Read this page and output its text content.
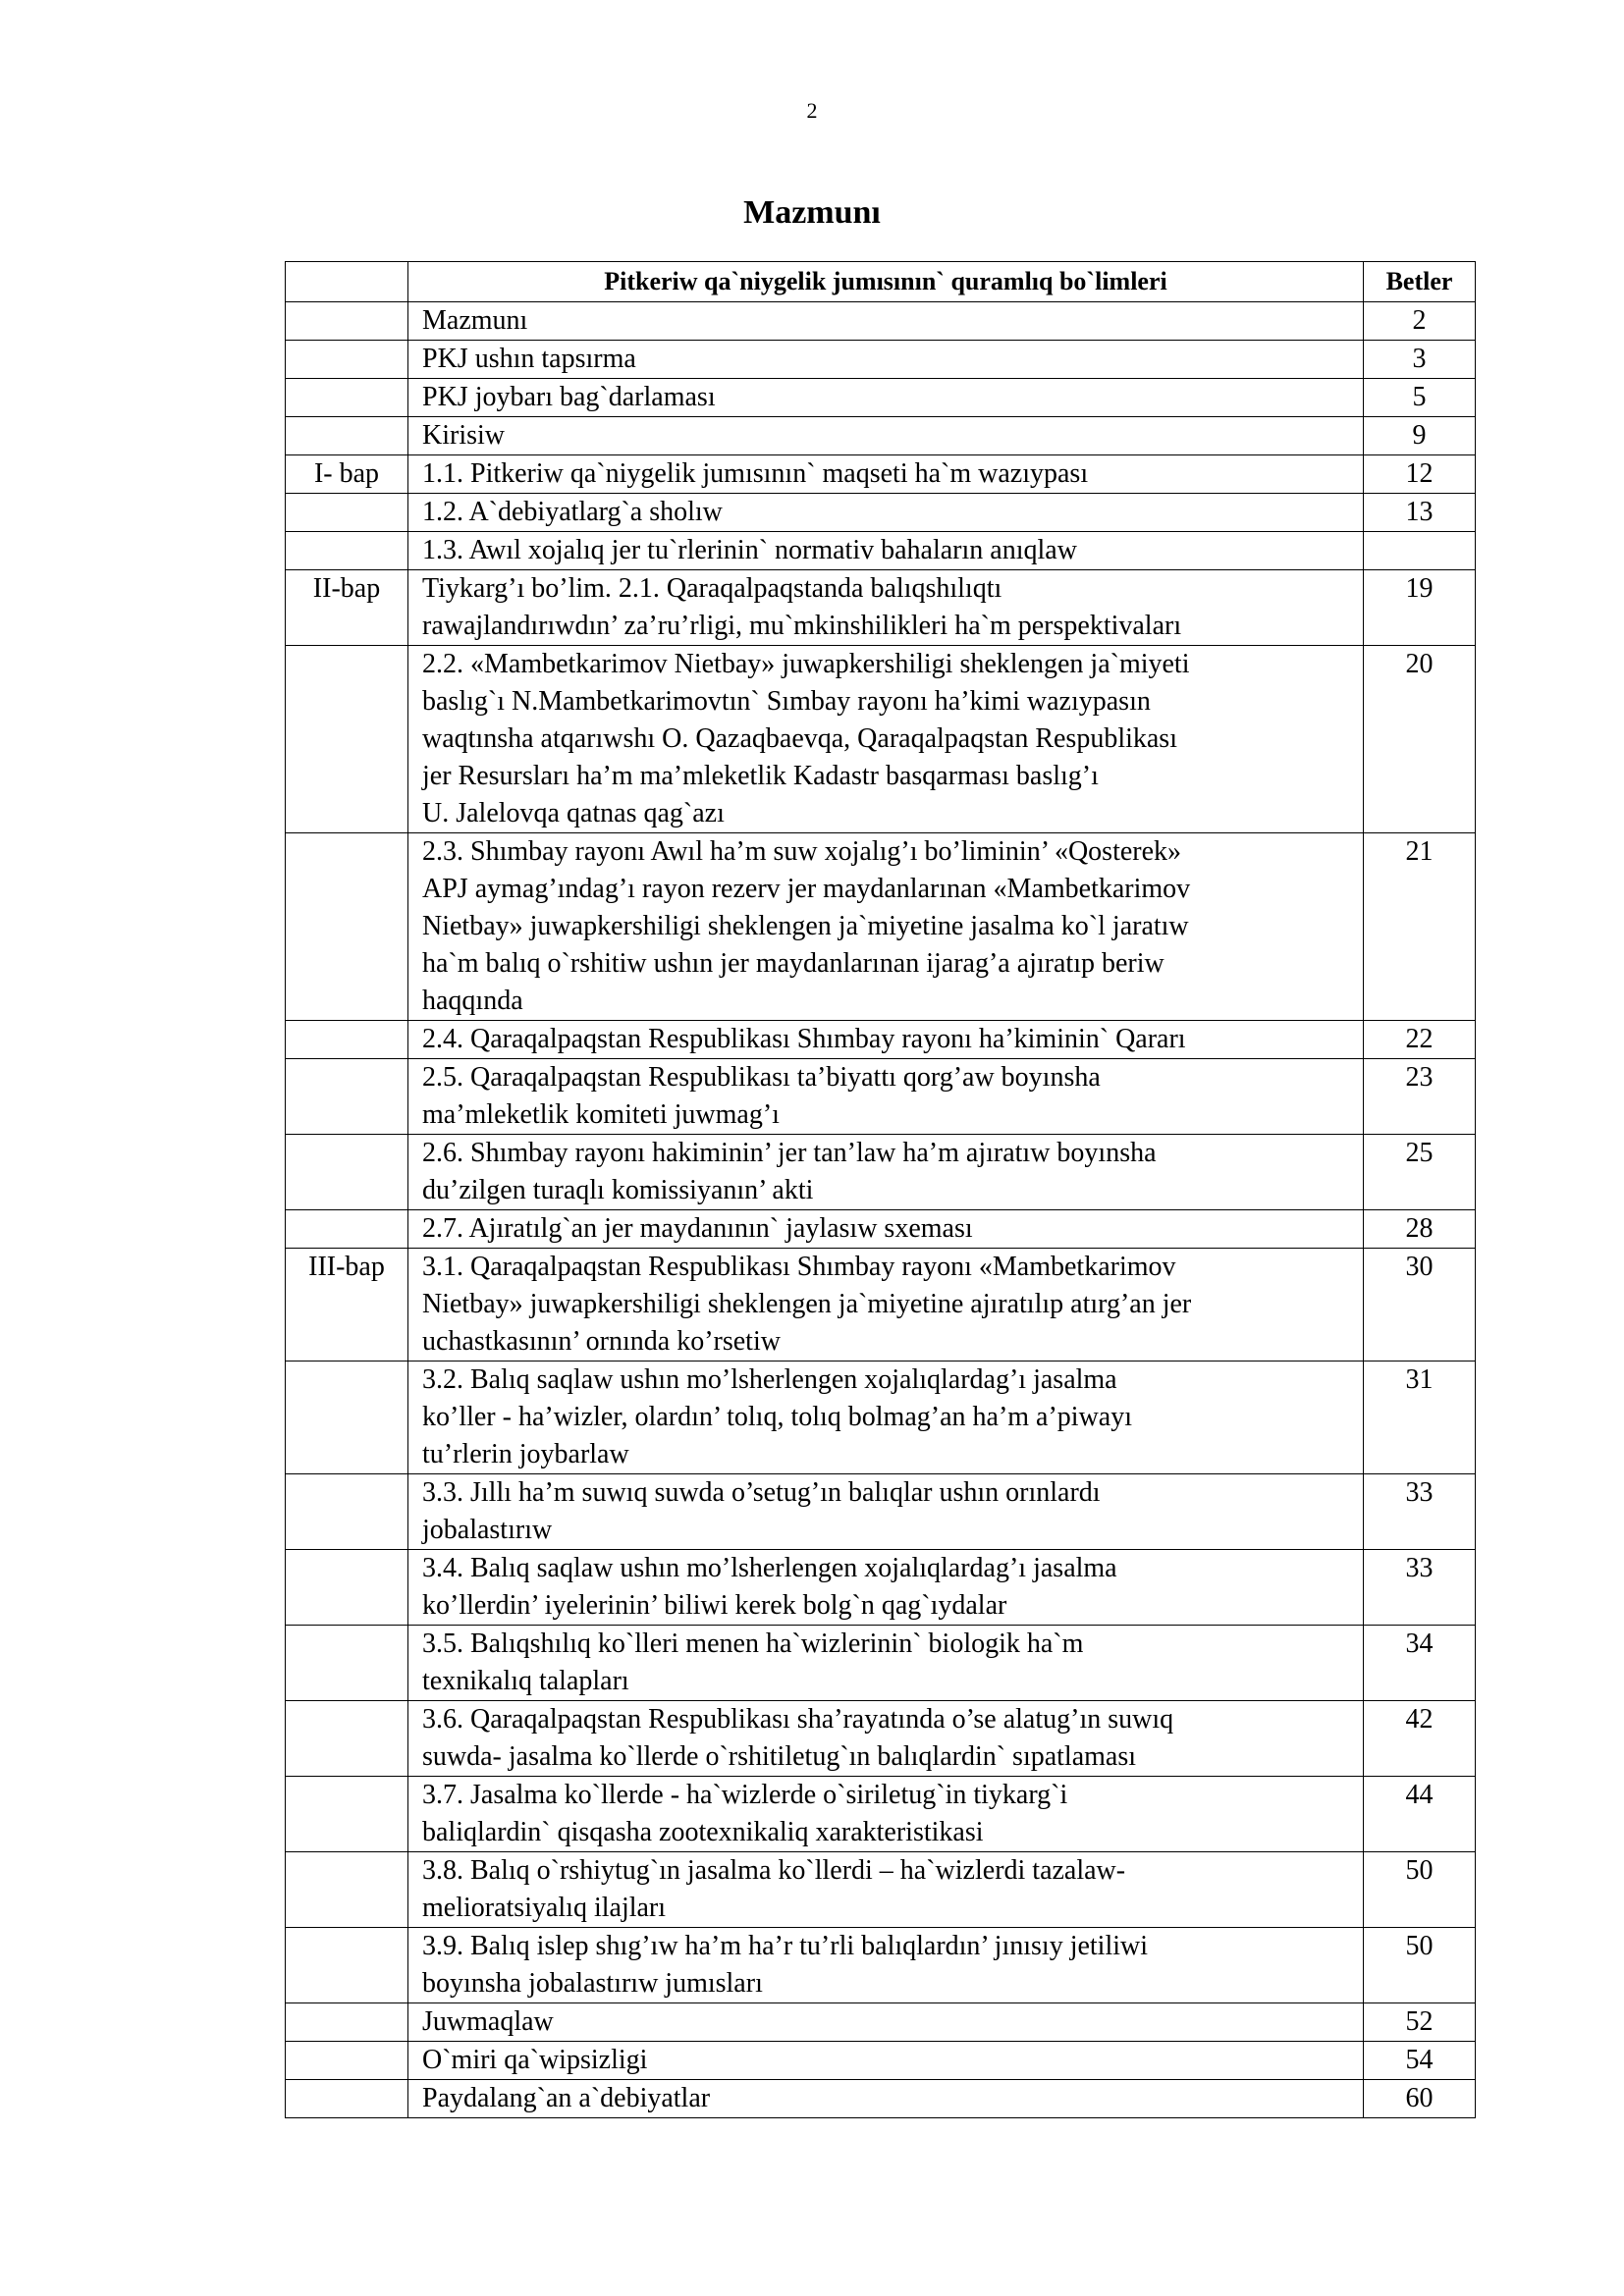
2
Mazmunı
	Pitkeriw qa`niygelik jumısının` quramlıq bo`limleri	Betler

	Mazmunı	2

	PKJ ushın tapsırma	3

	PKJ joybarı bag`darlaması	5

	Kirisiw	9
I- bap	1.1. Pitkeriw qa`niygelik jumısının` maqseti ha`m wazıypası	12

	1.2. A`debiyatlarg`a sholıw	13

	1.3. Awıl xojalıq jer tu`rlerinin` normativ bahaların anıqlaw	

II-bap	Tiykarg’ı bo’lim. 2.1. Qaraqalpaqstanda balıqshılıqtı
rawajlandırıwdın’ za’ru’rligi, mu`mkinshilikleri ha`m perspektivaları	19

	2.2. «Mambetkarimov Nietbay» juwapkershiligi sheklengen ja`miyeti
baslıg`ı N.Mambetkarimovtın` Sımbay rayonı ha’kimi wazıypasın
waqtınsha atqarıwshı O. Qazaqbaevqa, Qaraqalpaqstan Respublikası
jer Resursları ha’m ma’mleketlik Kadastr basqarması baslıg’ı
U. Jalelovqa qatnas qag`azı	20

	2.3. Shımbay rayonı Awıl ha’m suw xojalıg’ı bo’liminin’ «Qosterek»
APJ aymag’ındag’ı rayon rezerv jer maydanlarınan «Mambetkarimov
Nietbay» juwapkershiligi sheklengen ja`miyetine jasalma ko`l jaratıw
ha`m balıq o`rshitiw ushın jer maydanlarınan ijarag’a ajıratıp beriw
haqqında	21

	2.4. Qaraqalpaqstan Respublikası Shımbay rayonı ha’kiminin` Qararı	22

	2.5. Qaraqalpaqstan Respublikası ta’biyattı qorg’aw boyınsha
ma’mleketlik komiteti juwmag’ı	23

	2.6. Shımbay rayonı hakiminin’ jer tan’law ha’m ajıratıw boyınsha
du’zilgen turaqlı komissiyanın’ akti	25

	2.7. Ajıratılg`an jer maydanının` jaylasıw sxeması	28
III-bap	3.1. Qaraqalpaqstan Respublikası Shımbay rayonı «Mambetkarimov
Nietbay» juwapkershiligi sheklengen ja`miyetine ajıratılıp atırg’an jer
uchastkasının’ ornında ko’rsetiw	30

	3.2. Balıq saqlaw ushın mo’lsherlengen xojalıqlardag’ı jasalma
ko’ller - ha’wizler, olardın’ tolıq, tolıq bolmag’an ha’m a’piwayı
tu’rlerin joybarlaw	31

	3.3. Jıllı ha’m suwıq suwda o’setug’ın balıqlar ushın orınlardı
jobalastırıw	33

	3.4. Balıq saqlaw ushın mo’lsherlengen xojalıqlardag’ı jasalma
ko’llerdin’ iyelerinin’ biliwi kerek bolg`n qag`ıydalar	33

	3.5. Balıqshılıq ko`lleri menen ha`wizlerinin` biologik ha`m
texnikalıq talapları	34

	3.6. Qaraqalpaqstan Respublikası sha’rayatında o’se alatug’ın suwıq
suwda- jasalma ko`llerde o`rshitiletug`ın balıqlardin` sıpatlaması	42

	3.7. Jasalma ko`llerde - ha`wizlerde o`siriletug`in tiykarg`i
baliqlardin` qisqasha zootexnikaliq xarakteristikasi	44

	3.8. Balıq o`rshiytug`ın jasalma ko`llerdi – ha`wizlerdi tazalaw-
melioratsiyalıq ilajları	50

	3.9. Balıq islep shıg’ıw ha’m ha’r tu’rli balıqlardın’ jınısıy jetiliwi
boyınsha jobalastırıw jumısları	50

	Juwmaqlaw	52

	O`miri qa`wipsizligi	54

	Paydalang`an a`debiyatlar	60
